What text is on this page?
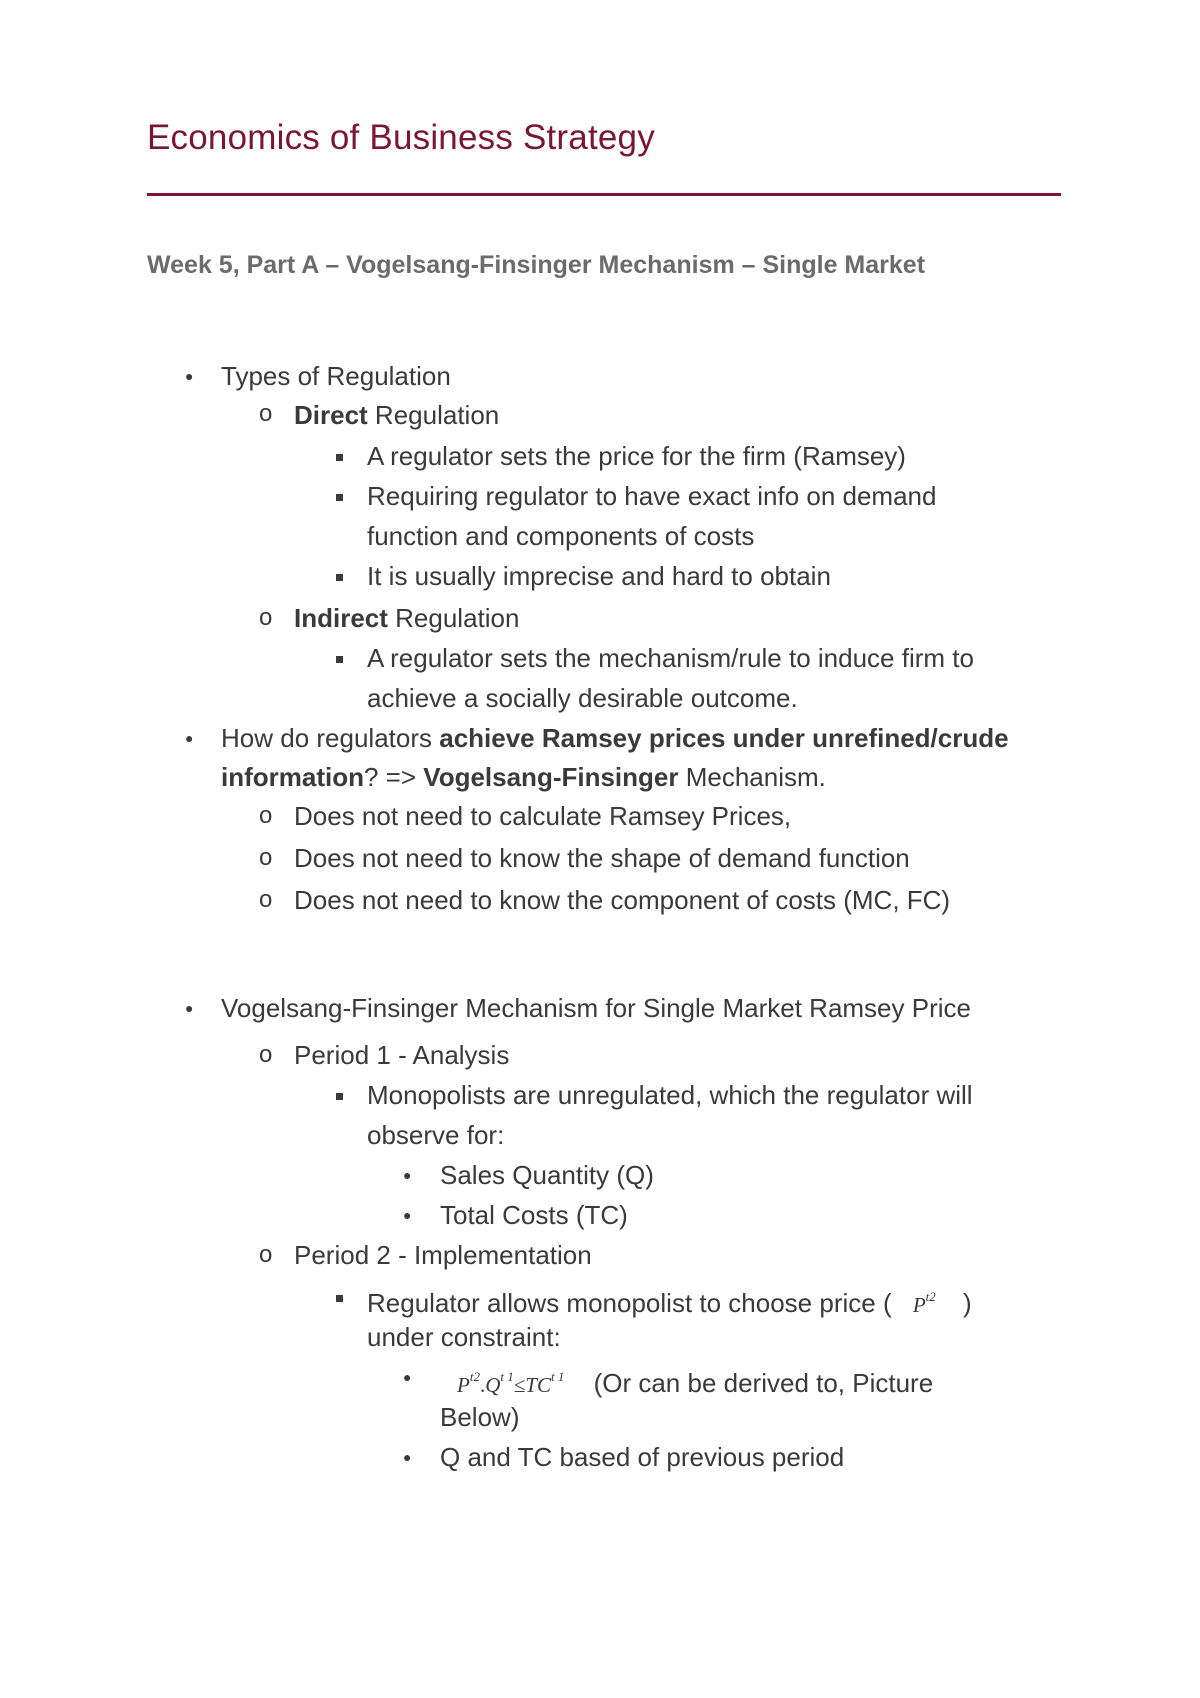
Economics of Business Strategy
Week 5, Part A – Vogelsang-Finsinger Mechanism – Single Market
● Types of Regulation
o Direct Regulation
A regulator sets the price for the firm (Ramsey)
Requiring regulator to have exact info on demand
function and components of costs
It is usually imprecise and hard to obtain
o Indirect Regulation
A regulator sets the mechanism/rule to induce firm to
achieve a socially desirable outcome.
● How do regulators achieve Ramsey prices under unrefined/crude
information? => Vogelsang-Finsinger Mechanism.
o Does not need to calculate Ramsey Prices,
o Does not need to know the shape of demand function
o Does not need to know the component of costs (MC, FC)
● Vogelsang-Finsinger Mechanism for Single Market Ramsey Price
o Period 1 - Analysis
Monopolists are unregulated, which the regulator will
observe for:
● Sales Quantity (Q)
● Total Costs (TC)
o Period 2 - Implementation
Regulator allows monopolist to choose price ( $P^{t2}$ )
under constraint:
● $P^{t2}.Q^{t 1}\le TC^{t 1}$ (Or can be derived to, Picture
Below)
● Q and TC based of previous period
